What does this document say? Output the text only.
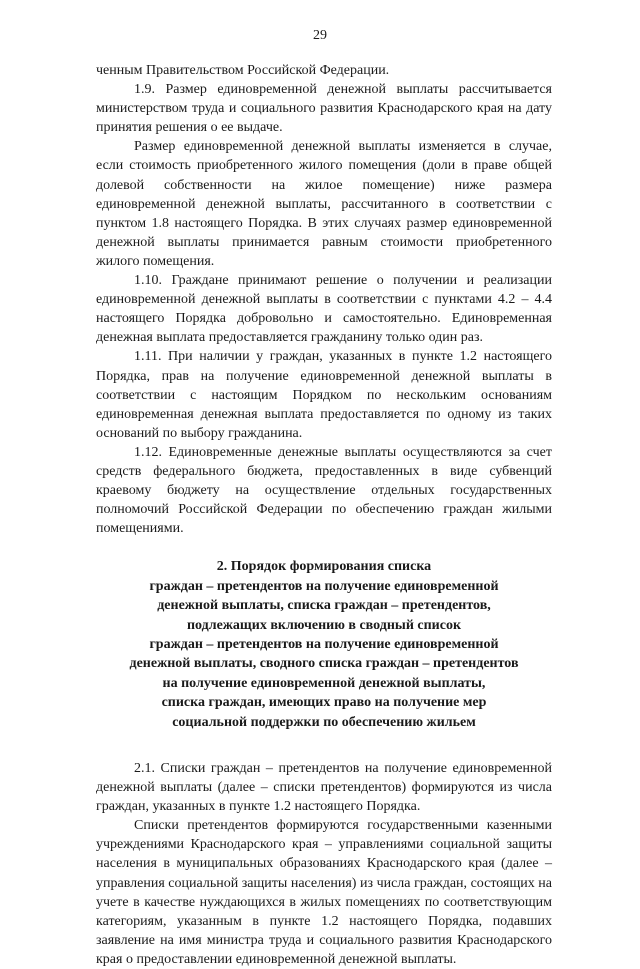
29

ченным Правительством Российской Федерации.

1.9. Размер единовременной денежной выплаты рассчитывается министерством труда и социального развития Краснодарского края на дату принятия решения о ее выдаче.

Размер единовременной денежной выплаты изменяется в случае, если стоимость приобретенного жилого помещения (доли в праве общей долевой собственности на жилое помещение) ниже размера единовременной денежной выплаты, рассчитанного в соответствии с пунктом 1.8 настоящего Порядка. В этих случаях размер единовременной денежной выплаты принимается равным стоимости приобретенного жилого помещения.

1.10. Граждане принимают решение о получении и реализации единовременной денежной выплаты в соответствии с пунктами 4.2 – 4.4 настоящего Порядка добровольно и самостоятельно. Единовременная денежная выплата предоставляется гражданину только один раз.

1.11. При наличии у граждан, указанных в пункте 1.2 настоящего Порядка, прав на получение единовременной денежной выплаты в соответствии с настоящим Порядком по нескольким основаниям единовременная денежная выплата предоставляется по одному из таких оснований по выбору гражданина.

1.12. Единовременные денежные выплаты осуществляются за счет средств федерального бюджета, предоставленных в виде субвенций краевому бюджету на осуществление отдельных государственных полномочий Российской Федерации по обеспечению граждан жилыми помещениями.

2. Порядок формирования списка
граждан – претендентов на получение единовременной
денежной выплаты, списка граждан – претендентов,
подлежащих включению в сводный список
граждан – претендентов на получение единовременной
денежной выплаты, сводного списка граждан – претендентов
на получение единовременной денежной выплаты,
списка граждан, имеющих право на получение мер
социальной поддержки по обеспечению жильем

2.1. Списки граждан – претендентов на получение единовременной денежной выплаты (далее – списки претендентов) формируются из числа граждан, указанных в пункте 1.2 настоящего Порядка.

Списки претендентов формируются государственными казенными учреждениями Краснодарского края – управлениями социальной защиты населения в муниципальных образованиях Краснодарского края (далее – управления социальной защиты населения) из числа граждан, состоящих на учете в качестве нуждающихся в жилых помещениях по соответствующим категориям, указанным в пункте 1.2 настоящего Порядка, подавших заявление на имя министра труда и социального развития Краснодарского края о предоставлении единовременной денежной выплаты.
